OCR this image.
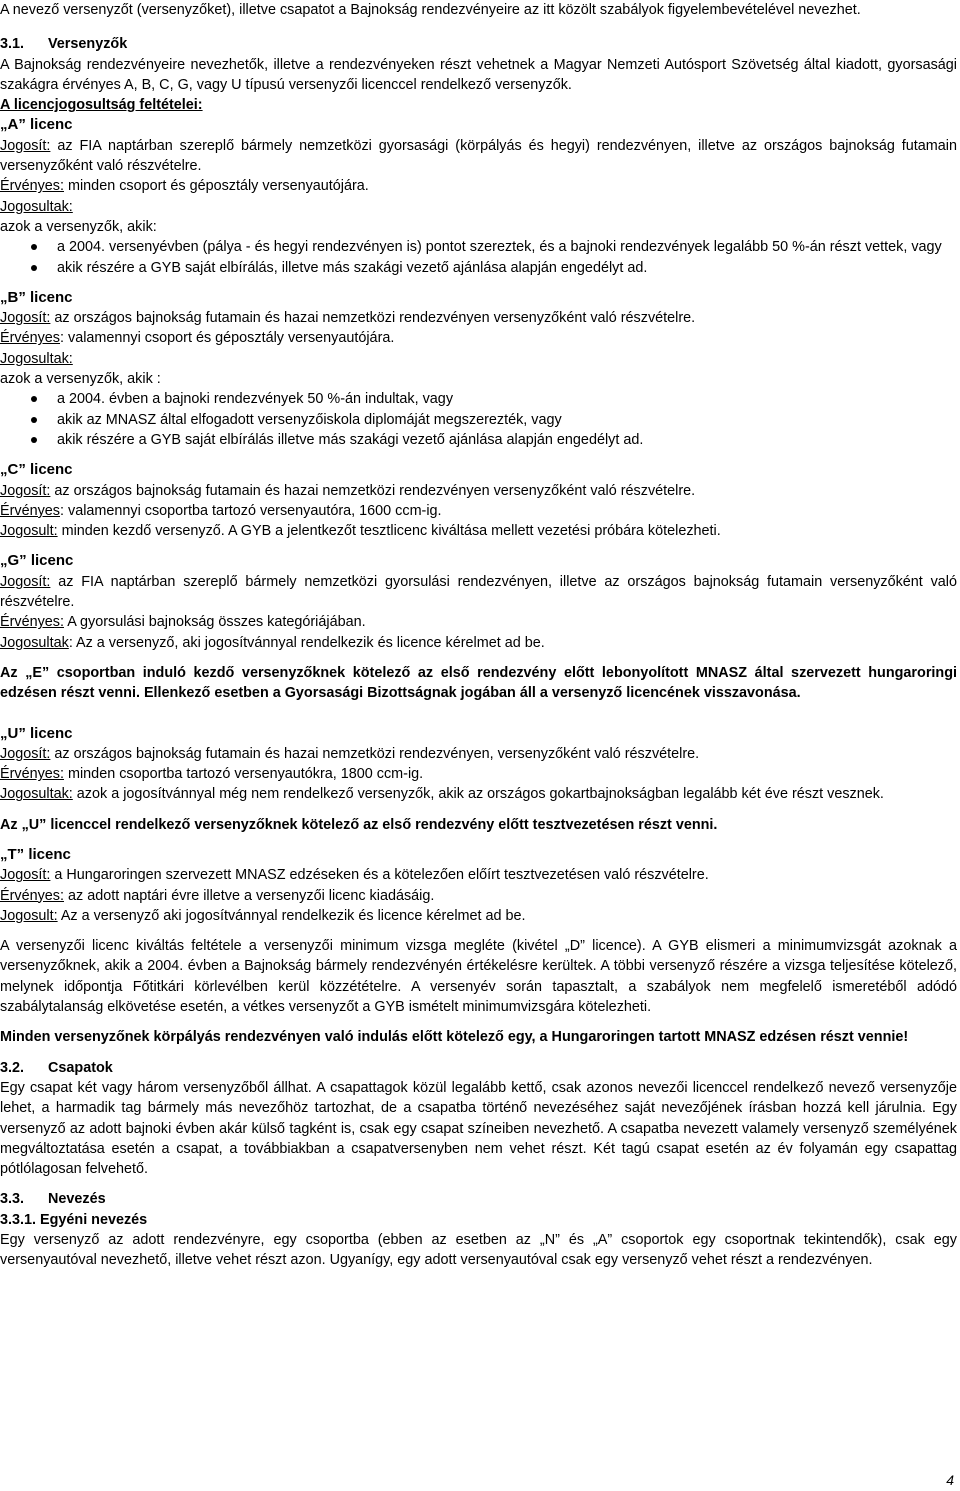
A nevező versenyzőt (versenyzőket), illetve csapatot a Bajnokság rendezvényeire az itt közölt szabályok figyelembevételével nevezhet.

3.1. Versenyzők

A Bajnokság rendezvényeire nevezhetők, illetve a rendezvényeken részt vehetnek a Magyar Nemzeti Autósport Szövetség által kiadott, gyorsasági szakágra érvényes A, B, C, G, vagy U típusú versenyzői licenccel rendelkező versenyzők.

A licencjogosultság feltételei:

„A” licenc

Jogosít: az FIA naptárban szereplő bármely nemzetközi gyorsasági (körpályás és hegyi) rendezvényen, illetve az országos bajnokság futamain versenyzőként való részvételre.

Érvényes: minden csoport és géposztály versenyautójára.

Jogosultak:

azok a versenyzők, akik:

a 2004. versenyévben (pálya - és hegyi rendezvényen is) pontot szereztek, és a bajnoki rendezvények legalább 50 %-án részt vettek, vagy
akik részére a GYB saját elbírálás, illetve más szakági vezető ajánlása alapján engedélyt ad.

„B” licenc

Jogosít: az országos bajnokság futamain és hazai nemzetközi rendezvényen versenyzőként való részvételre.

Érvényes: valamennyi csoport és géposztály versenyautójára.

Jogosultak:

azok a versenyzők, akik :

a 2004. évben a bajnoki rendezvények 50 %-án indultak, vagy
akik az MNASZ által elfogadott versenyzőiskola diplomáját megszerezték, vagy
akik részére a GYB saját elbírálás illetve más szakági vezető ajánlása alapján engedélyt ad.

„C” licenc

Jogosít: az országos bajnokság futamain és hazai nemzetközi rendezvényen versenyzőként való részvételre.

Érvényes: valamennyi csoportba tartozó versenyautóra, 1600 ccm-ig.

Jogosult: minden kezdő versenyző. A GYB a jelentkezőt tesztlicenc kiváltása mellett vezetési próbára kötelezheti.

„G” licenc

Jogosít: az FIA naptárban szereplő bármely nemzetközi gyorsulási rendezvényen, illetve az országos bajnokság futamain versenyzőként való részvételre.

Érvényes: A gyorsulási bajnokság összes kategóriájában.

Jogosultak: Az a versenyző, aki jogosítvánnyal rendelkezik és licence kérelmet ad be.

Az „E” csoportban induló kezdő versenyzőknek kötelező az első rendezvény előtt lebonyolított MNASZ által szervezett hungaroringi edzésen részt venni. Ellenkező esetben a Gyorsasági Bizottságnak jogában áll a versenyző licencének visszavonása.

„U” licenc

Jogosít: az országos bajnokság futamain és hazai nemzetközi rendezvényen, versenyzőként való részvételre.

Érvényes: minden csoportba tartozó versenyautókra, 1800 ccm-ig.

Jogosultak: azok a jogosítvánnyal még nem rendelkező versenyzők, akik az országos gokartbajnokságban legalább két éve részt vesznek.

Az „U” licenccel rendelkező versenyzőknek kötelező az első rendezvény előtt tesztvezetésen részt venni.

„T” licenc

Jogosít: a Hungaroringen szervezett MNASZ edzéseken és a kötelezően előírt tesztvezetésen való részvételre.

Érvényes: az adott naptári évre illetve a versenyzői licenc kiadásáig.

Jogosult: Az a versenyző aki jogosítvánnyal rendelkezik és licence kérelmet ad be.

A versenyzői licenc kiváltás feltétele a versenyzői minimum vizsga megléte (kivétel „D” licence). A GYB elismeri a minimumvizsgát azoknak a versenyzőknek, akik a 2004. évben a Bajnokság bármely rendezvényén értékelésre kerültek. A többi versenyző részére a vizsga teljesítése kötelező, melynek időpontja Főtitkári körlevélben kerül közzétételre. A versenyév során tapasztalt, a szabályok nem megfelelő ismeretéből adódó szabálytalanság elkövetése esetén, a vétkes versenyzőt a GYB ismételt minimumvizsgára kötelezheti.

Minden versenyzőnek körpályás rendezvényen való indulás előtt kötelező egy, a Hungaroringen tartott MNASZ edzésen részt vennie!

3.2. Csapatok

Egy csapat két vagy három versenyzőből állhat. A csapattagok közül legalább kettő, csak azonos nevezői licenccel rendelkező nevező versenyzője lehet, a harmadik tag bármely más nevezőhöz tartozhat, de a csapatba történő nevezéséhez saját nevezőjének írásban hozzá kell járulnia. Egy versenyző az adott bajnoki évben akár külső tagként is, csak egy csapat színeiben nevezhető. A csapatba nevezett valamely versenyző személyének megváltoztatása esetén a csapat, a továbbiakban a csapatversenyben nem vehet részt. Két tagú csapat esetén az év folyamán egy csapattag pótlólagosan felvehető.

3.3. Nevezés

3.3.1. Egyéni nevezés

Egy versenyző az adott rendezvényre, egy csoportba (ebben az esetben az „N” és „A” csoportok egy csoportnak tekintendők), csak egy versenyautóval nevezhető, illetve vehet részt azon. Ugyanígy, egy adott versenyautóval csak egy versenyző vehet részt a rendezvényen.

4
